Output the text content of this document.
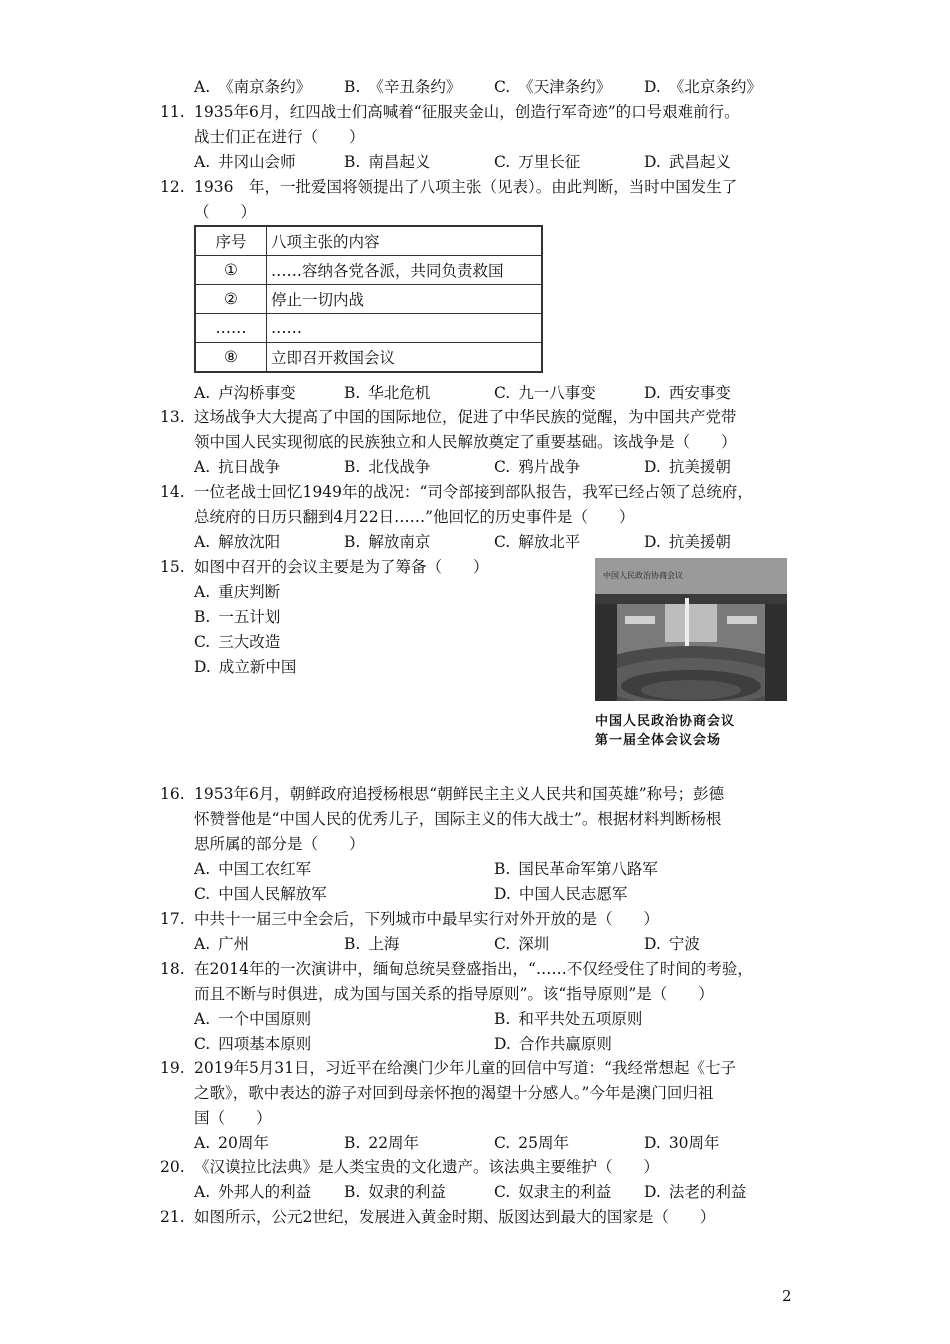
A. 《南京条约》	B. 《辛丑条约》	C. 《天津条约》	D. 《北京条约》
11. 1935年6月，红四战士们高喊着“征服夹金山，创造行军奇迹”的口号艰难前行。
战士们正在进行（　　）
A. 井冈山会师	B. 南昌起义	C. 万里长征	D. 武昌起义
12. 1936　年，一批爱国将领提出了八项主张（见表）。由此判断，当时中国发生了
（　　）
序号	八项主张的内容
①	……容纳各党各派，共同负责救国
②	停止一切内战
……	……
⑧	立即召开救国会议
A. 卢沟桥事变	B. 华北危机	C. 九一八事变	D. 西安事变
13. 这场战争大大提高了中国的国际地位，促进了中华民族的觉醒，为中国共产党带
领中国人民实现彻底的民族独立和人民解放奠定了重要基础。该战争是（　　）
A. 抗日战争	B. 北伐战争	C. 鸦片战争	D. 抗美援朝
14. 一位老战士回忆1949年的战况：“司令部接到部队报告，我军已经占领了总统府，
总统府的日历只翻到4月22日……”他回忆的历史事件是（　　）
A. 解放沈阳	B. 解放南京	C. 解放北平	D. 抗美援朝
15. 如图中召开的会议主要是为了筹备（　　）
A. 重庆判断
B. 一五计划
C. 三大改造
D. 成立新中国
中国人民政治协商会议
中国人民政治协商会议
第一届全体会议会场
16. 1953年6月，朝鲜政府追授杨根思“朝鲜民主主义人民共和国英雄”称号；彭德
怀赞誉他是“中国人民的优秀儿子，国际主义的伟大战士”。根据材料判断杨根
思所属的部分是（　　）
A. 中国工农红军	B. 国民革命军第八路军
C. 中国人民解放军	D. 中国人民志愿军
17. 中共十一届三中全会后，下列城市中最早实行对外开放的是（　　）
A. 广州	B. 上海	C. 深圳	D. 宁波
18. 在2014年的一次演讲中，缅甸总统吴登盛指出，“……不仅经受住了时间的考验，
而且不断与时俱进，成为国与国关系的指导原则”。该“指导原则”是（　　）
A. 一个中国原则	B. 和平共处五项原则
C. 四项基本原则	D. 合作共赢原则
19. 2019年5月31日，习近平在给澳门少年儿童的回信中写道：“我经常想起《七子
之歌》，歌中表达的游子对回到母亲怀抱的渴望十分感人。”今年是澳门回归祖
国（　　）
A. 20周年	B. 22周年	C. 25周年	D. 30周年
20. 《汉谟拉比法典》是人类宝贵的文化遗产。该法典主要维护（　　）
A. 外邦人的利益	B. 奴隶的利益	C. 奴隶主的利益	D. 法老的利益
21. 如图所示，公元2世纪，发展进入黄金时期、版図达到最大的国家是（　　）
2
